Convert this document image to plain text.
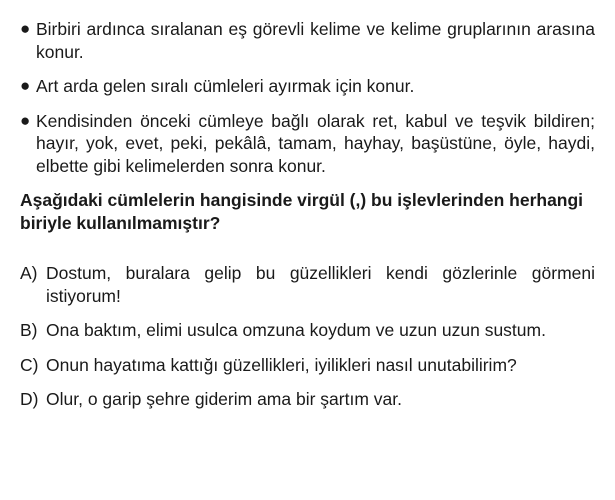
● Birbiri ardınca sıralanan eş görevli kelime ve kelime gruplarının arasına konur.
● Art arda gelen sıralı cümleleri ayırmak için konur.
● Kendisinden önceki cümleye bağlı olarak ret, kabul ve teşvik bildiren; hayır, yok, evet, peki, pekâlâ, tamam, hayhay, başüstüne, öyle, haydi, elbette gibi kelimelerden sonra konur.
Aşağıdaki cümlelerin hangisinde virgül (,) bu işlevlerinden herhangi biriyle kullanılmamıştır?
A) Dostum, buralara gelip bu güzellikleri kendi gözlerinle görmeni istiyorum!
B) Ona baktım, elimi usulca omzuna koydum ve uzun uzun sustum.
C) Onun hayatıma kattığı güzellikleri, iyilikleri nasıl unutabilirim?
D) Olur, o garip şehre giderim ama bir şartım var.
